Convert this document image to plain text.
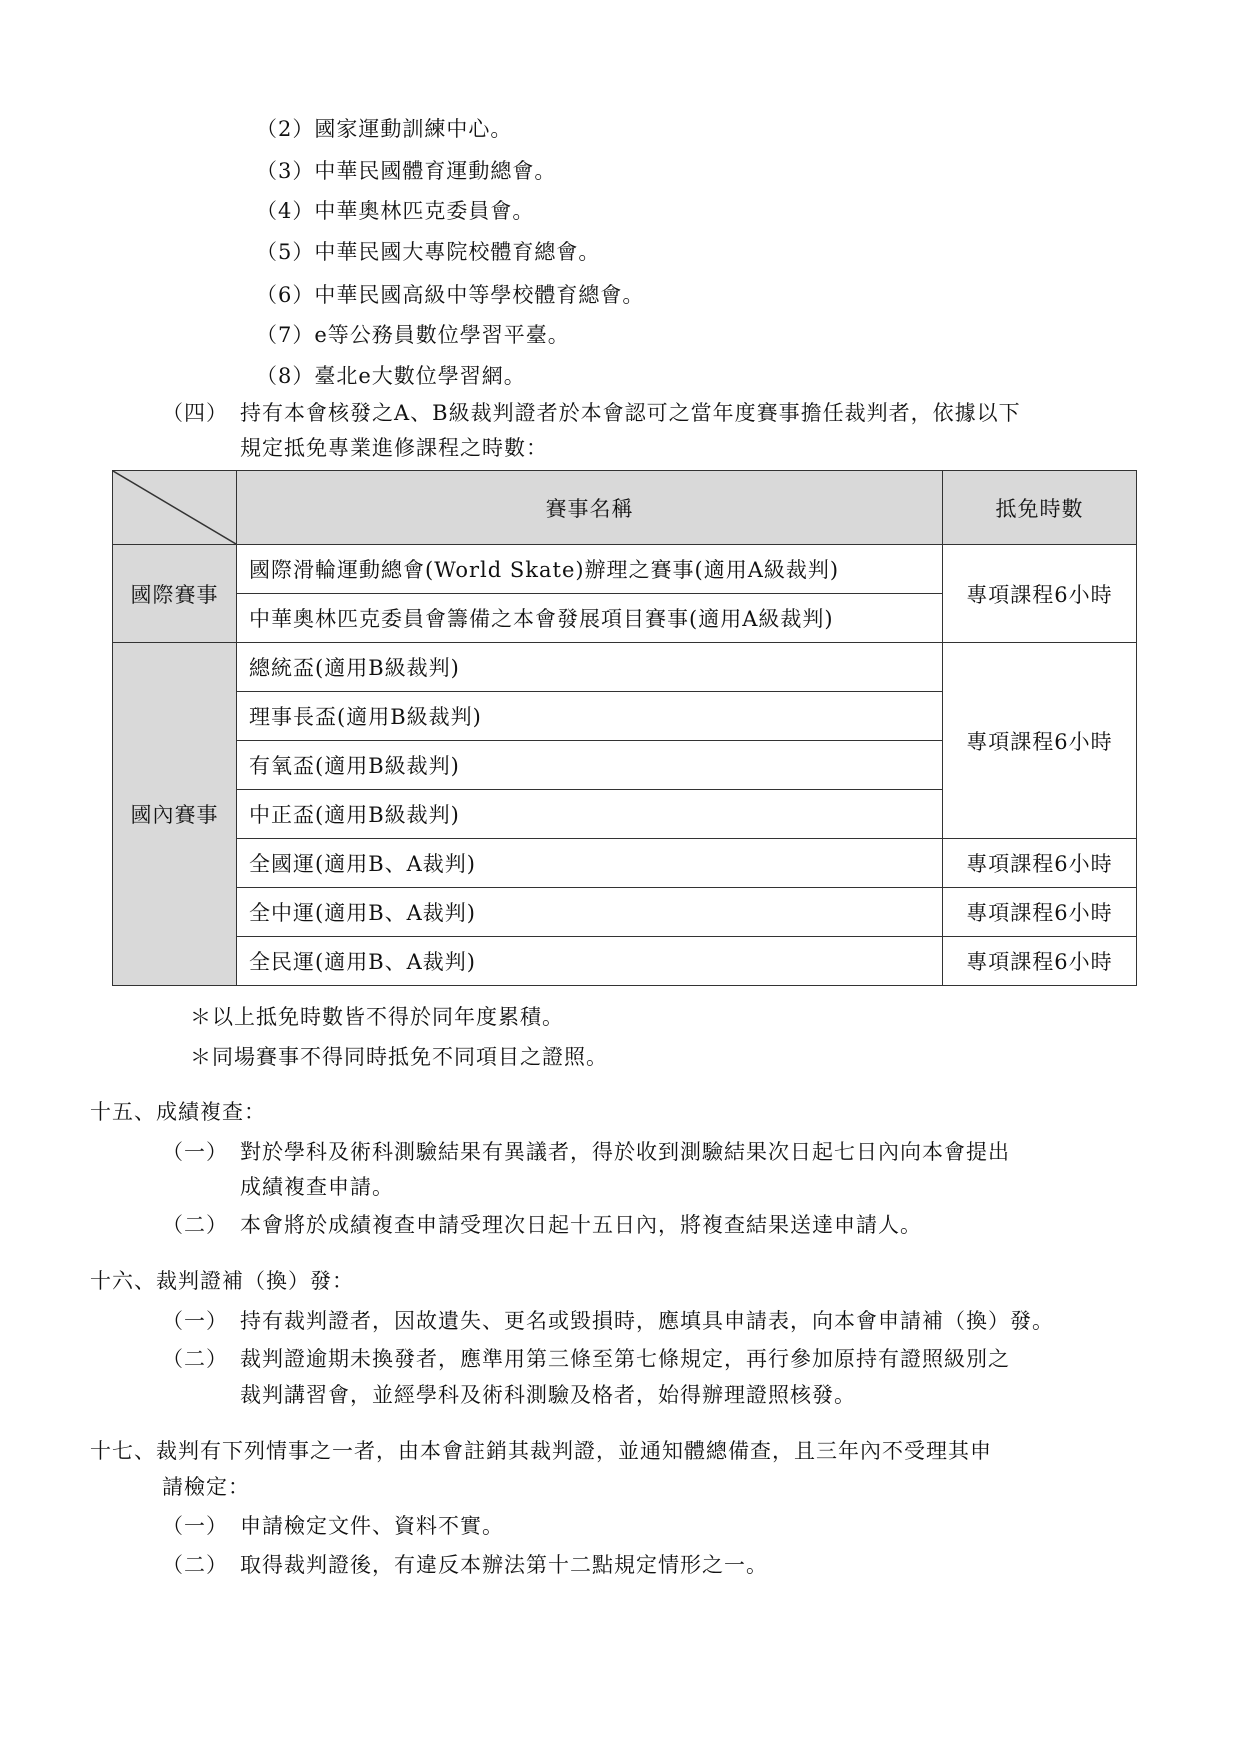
（2）國家運動訓練中心。
（3）中華民國體育運動總會。
（4）中華奧林匹克委員會。
（5）中華民國大專院校體育總會。
（6）中華民國高級中等學校體育總會。
（7）e等公務員數位學習平臺。
（8）臺北e大數位學習網。
（四） 持有本會核發之A、B級裁判證者於本會認可之當年度賽事擔任裁判者，依據以下
規定抵免專業進修課程之時數：
	賽事名稱	抵免時數
國際賽事	國際滑輪運動總會(World Skate)辦理之賽事(適用A級裁判)	專項課程6小時
	中華奧林匹克委員會籌備之本會發展項目賽事(適用A級裁判)	
國內賽事	總統盃(適用B級裁判)	專項課程6小時
	理事長盃(適用B級裁判)	
	有氧盃(適用B級裁判)	
	中正盃(適用B級裁判)	
	全國運(適用B、A裁判)	專項課程6小時
	全中運(適用B、A裁判)	專項課程6小時
	全民運(適用B、A裁判)	專項課程6小時
＊以上抵免時數皆不得於同年度累積。
＊同場賽事不得同時抵免不同項目之證照。
十五、成績複查：
（一） 對於學科及術科測驗結果有異議者，得於收到測驗結果次日起七日內向本會提出
成績複查申請。
（二） 本會將於成績複查申請受理次日起十五日內，將複查結果送達申請人。
十六、裁判證補（換）發：
（一） 持有裁判證者，因故遺失、更名或毀損時，應填具申請表，向本會申請補（換）發。
（二） 裁判證逾期未換發者，應準用第三條至第七條規定，再行參加原持有證照級別之
裁判講習會，並經學科及術科測驗及格者，始得辦理證照核發。
十七、裁判有下列情事之一者，由本會註銷其裁判證，並通知體總備查，且三年內不受理其申
請檢定：
（一） 申請檢定文件、資料不實。
（二） 取得裁判證後，有違反本辦法第十二點規定情形之一。
